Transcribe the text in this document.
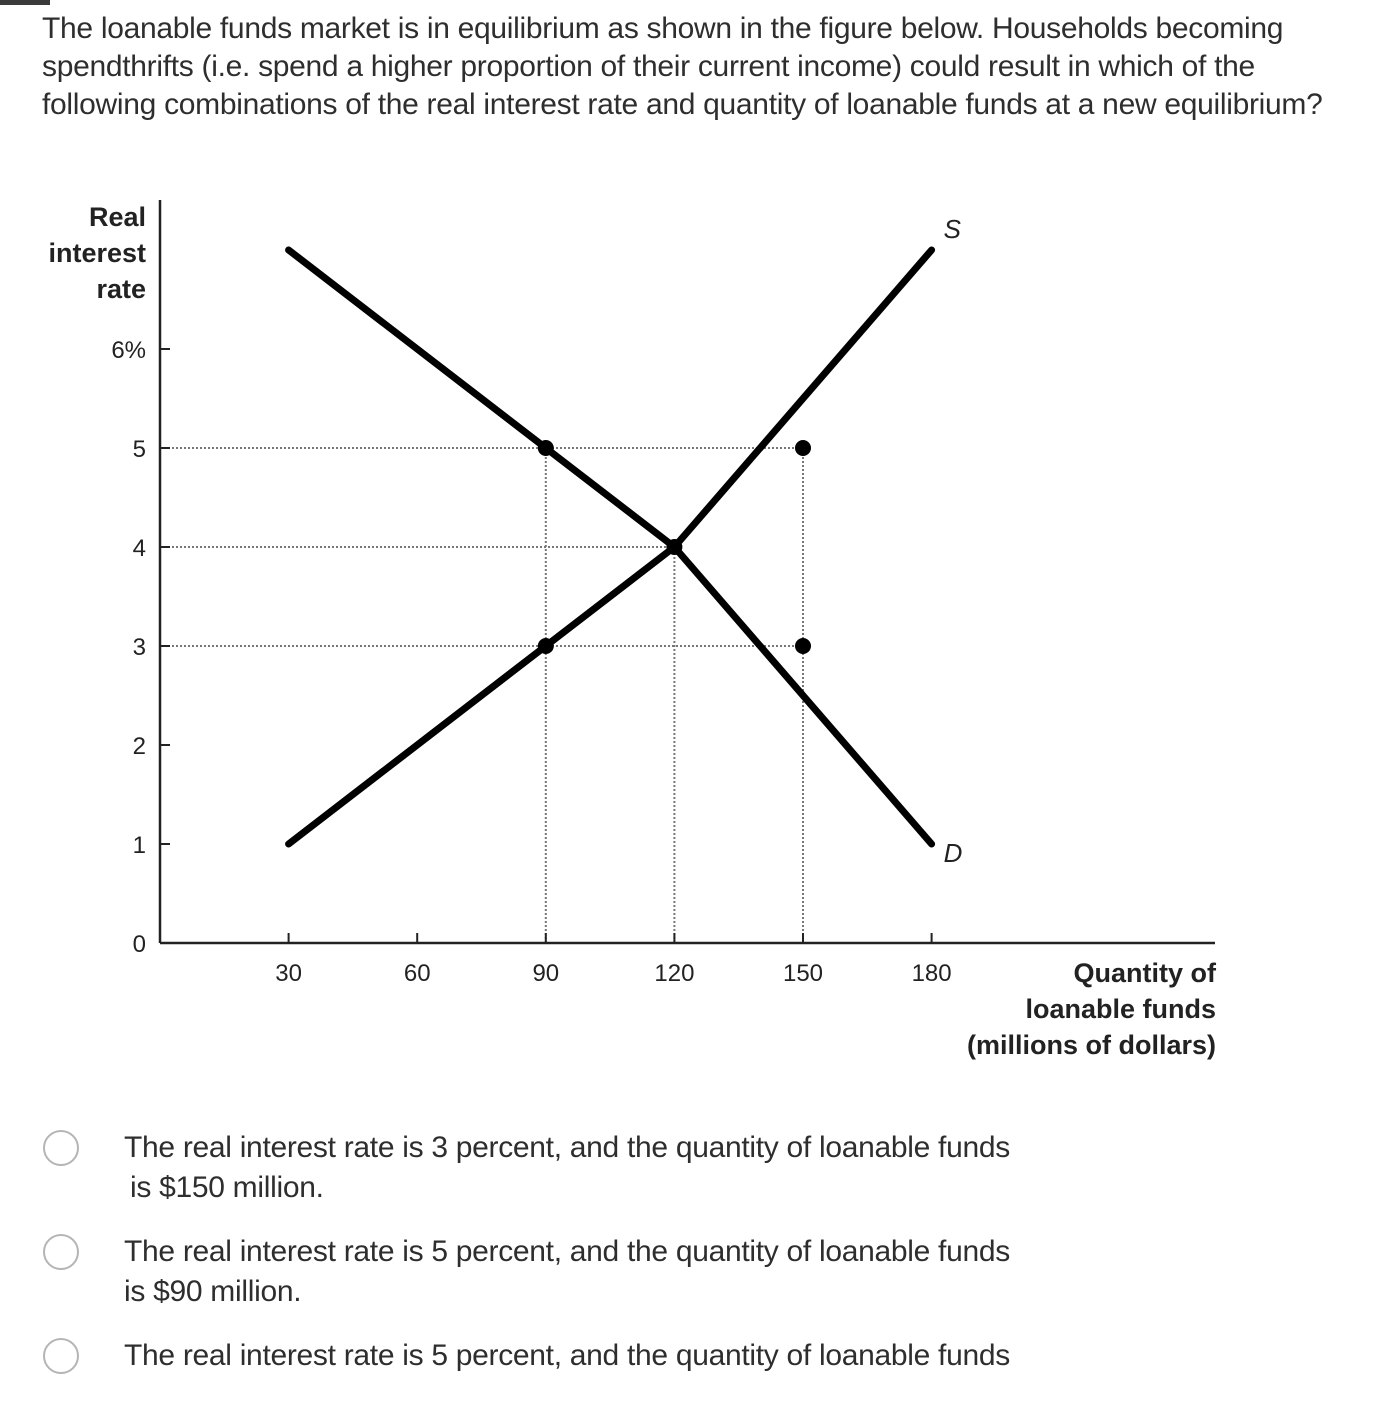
The loanable funds market is in equilibrium as shown in the figure below. Households becoming spendthrifts (i.e. spend a higher proportion of their current income) could result in which of the following combinations of the real interest rate and quantity of loanable funds at a new equilibrium?

0
1
2
3
4
5
6%
30	60	90	120	150	180
Real
interest
rate
Quantity of
loanable funds
(millions of dollars)
D
S
The real interest rate is 3 percent, and the quantity of loanable funds
is $150 million.
The real interest rate is 5 percent, and the quantity of loanable funds
is $90 million.
The real interest rate is 5 percent, and the quantity of loanable funds
